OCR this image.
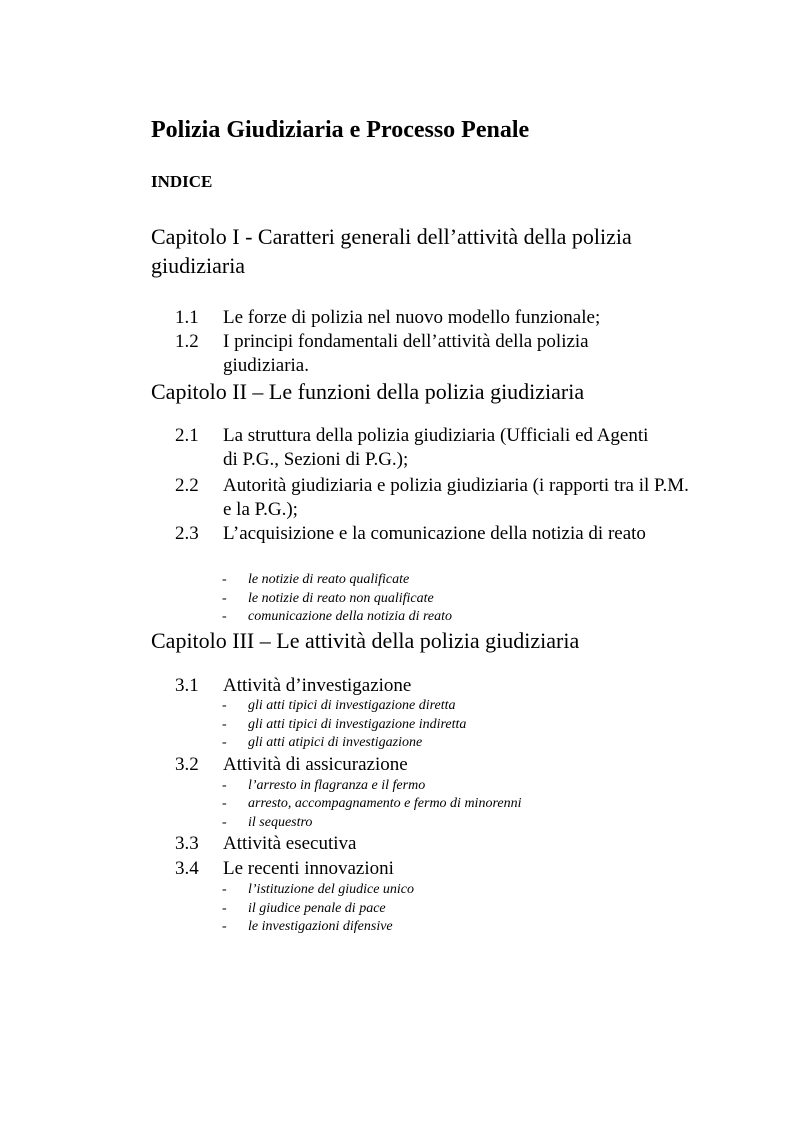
Polizia Giudiziaria e Processo Penale
INDICE
Capitolo I - Caratteri generali dell’attività della polizia giudiziaria
1.1 Le forze di polizia nel nuovo modello funzionale;
1.2 I principi fondamentali dell’attività della polizia giudiziaria.
Capitolo II – Le funzioni della polizia giudiziaria
2.1 La struttura della polizia giudiziaria (Ufficiali ed Agenti di P.G., Sezioni di P.G.);
2.2 Autorità giudiziaria e polizia giudiziaria (i rapporti tra il P.M. e la P.G.);
2.3 L’acquisizione e la comunicazione della notizia di reato
- le notizie di reato qualificate
- le notizie di reato non qualificate
- comunicazione della notizia di reato
Capitolo III – Le attività della polizia giudiziaria
3.1 Attività d’investigazione
- gli atti tipici di investigazione diretta
- gli atti tipici di investigazione indiretta
- gli atti atipici di investigazione
3.2 Attività di assicurazione
- l’arresto in flagranza e il fermo
- arresto, accompagnamento e fermo di minorenni
- il sequestro
3.3 Attività esecutiva
3.4 Le recenti innovazioni
- l’istituzione del giudice unico
- il giudice penale di pace
- le investigazioni difensive
